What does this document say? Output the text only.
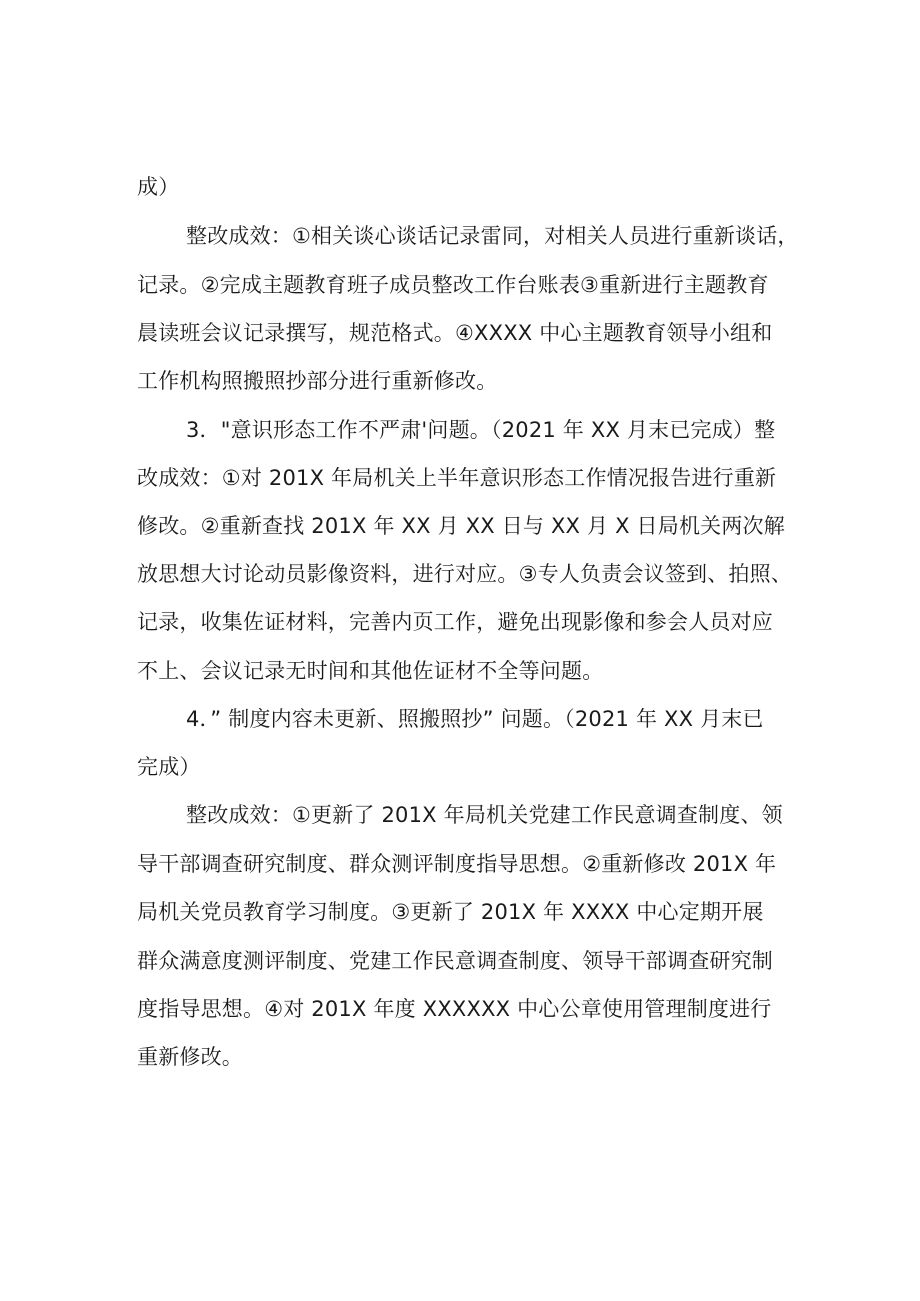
成）
整改成效：①相关谈心谈话记录雷同，对相关人员进行重新谈话，
记录。②完成主题教育班子成员整改工作台账表③重新进行主题教育
晨读班会议记录撰写，规范格式。④XXXX 中心主题教育领导小组和
工作机构照搬照抄部分进行重新修改。
3．"意识形态工作不严肃'问题。（2021 年 XX 月末已完成）整
改成效：①对 201X 年局机关上半年意识形态工作情况报告进行重新
修改。②重新查找 201X 年 XX 月 XX 日与 XX 月 X 日局机关两次解
放思想大讨论动员影像资料，进行对应。③专人负责会议签到、拍照、
记录，收集佐证材料，完善内页工作，避免出现影像和参会人员对应
不上、会议记录无时间和其他佐证材不全等问题。
4．” 制度内容未更新、照搬照抄” 问题。（2021 年 XX 月末已
完成）
整改成效：①更新了 201X 年局机关党建工作民意调查制度、领
导干部调查研究制度、群众测评制度指导思想。②重新修改 201X 年
局机关党员教育学习制度。③更新了 201X 年 XXXX 中心定期开展
群众满意度测评制度、党建工作民意调查制度、领导干部调查研究制
度指导思想。④对 201X 年度 XXXXXX 中心公章使用管理制度进行
重新修改。
